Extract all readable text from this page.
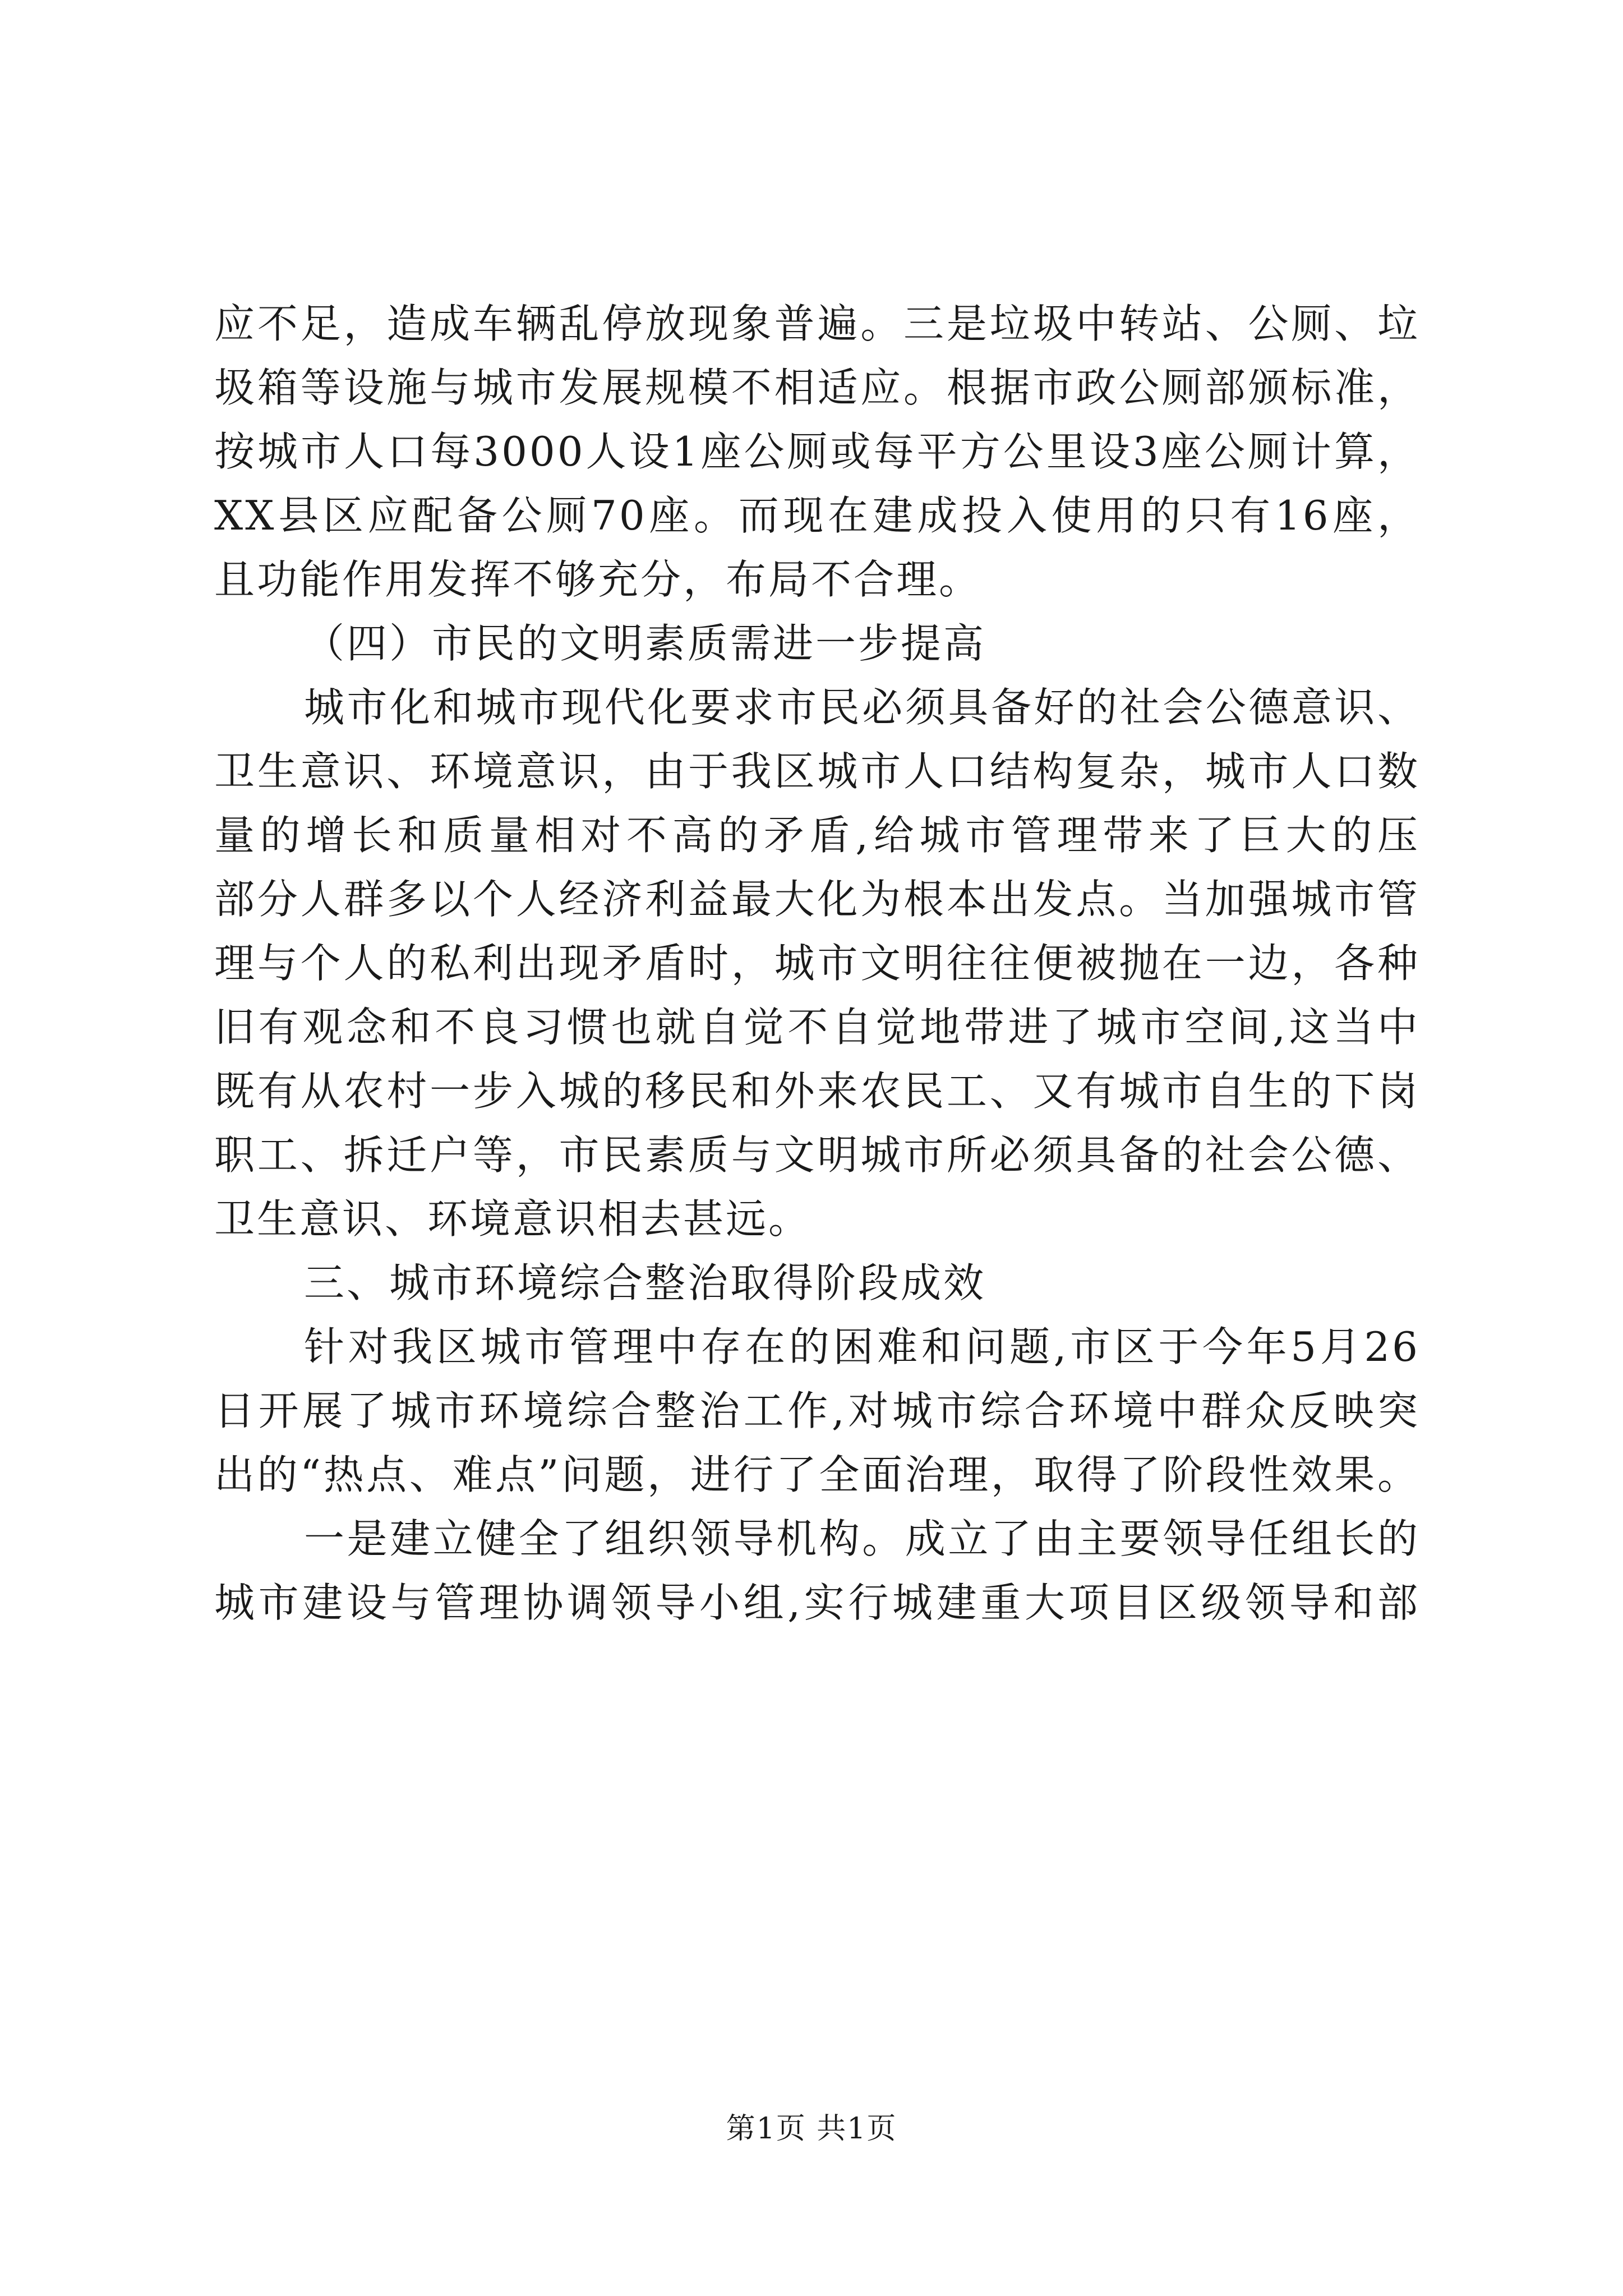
应不足，造成车辆乱停放现象普遍。三是垃圾中转站、公厕、垃
圾箱等设施与城市发展规模不相适应。根据市政公厕部颁标准，
按城市人口每3000人设1座公厕或每平方公里设3座公厕计算，
XX县区应配备公厕70座。而现在建成投入使用的只有16座，
且功能作用发挥不够充分，布局不合理。
（四）市民的文明素质需进一步提高
城市化和城市现代化要求市民必须具备好的社会公德意识、
卫生意识、环境意识，由于我区城市人口结构复杂，城市人口数
量的增长和质量相对不高的矛盾,给城市管理带来了巨大的压
部分人群多以个人经济利益最大化为根本出发点。当加强城市管
理与个人的私利出现矛盾时，城市文明往往便被抛在一边，各种
旧有观念和不良习惯也就自觉不自觉地带进了城市空间,这当中
既有从农村一步入城的移民和外来农民工、又有城市自生的下岗
职工、拆迁户等，市民素质与文明城市所必须具备的社会公德、
卫生意识、环境意识相去甚远。
三、城市环境综合整治取得阶段成效
针对我区城市管理中存在的困难和问题,市区于今年5月26
日开展了城市环境综合整治工作,对城市综合环境中群众反映突
出的“热点、难点”问题，进行了全面治理，取得了阶段性效果。
一是建立健全了组织领导机构。成立了由主要领导任组长的
城市建设与管理协调领导小组,实行城建重大项目区级领导和部
第1页 共1页
